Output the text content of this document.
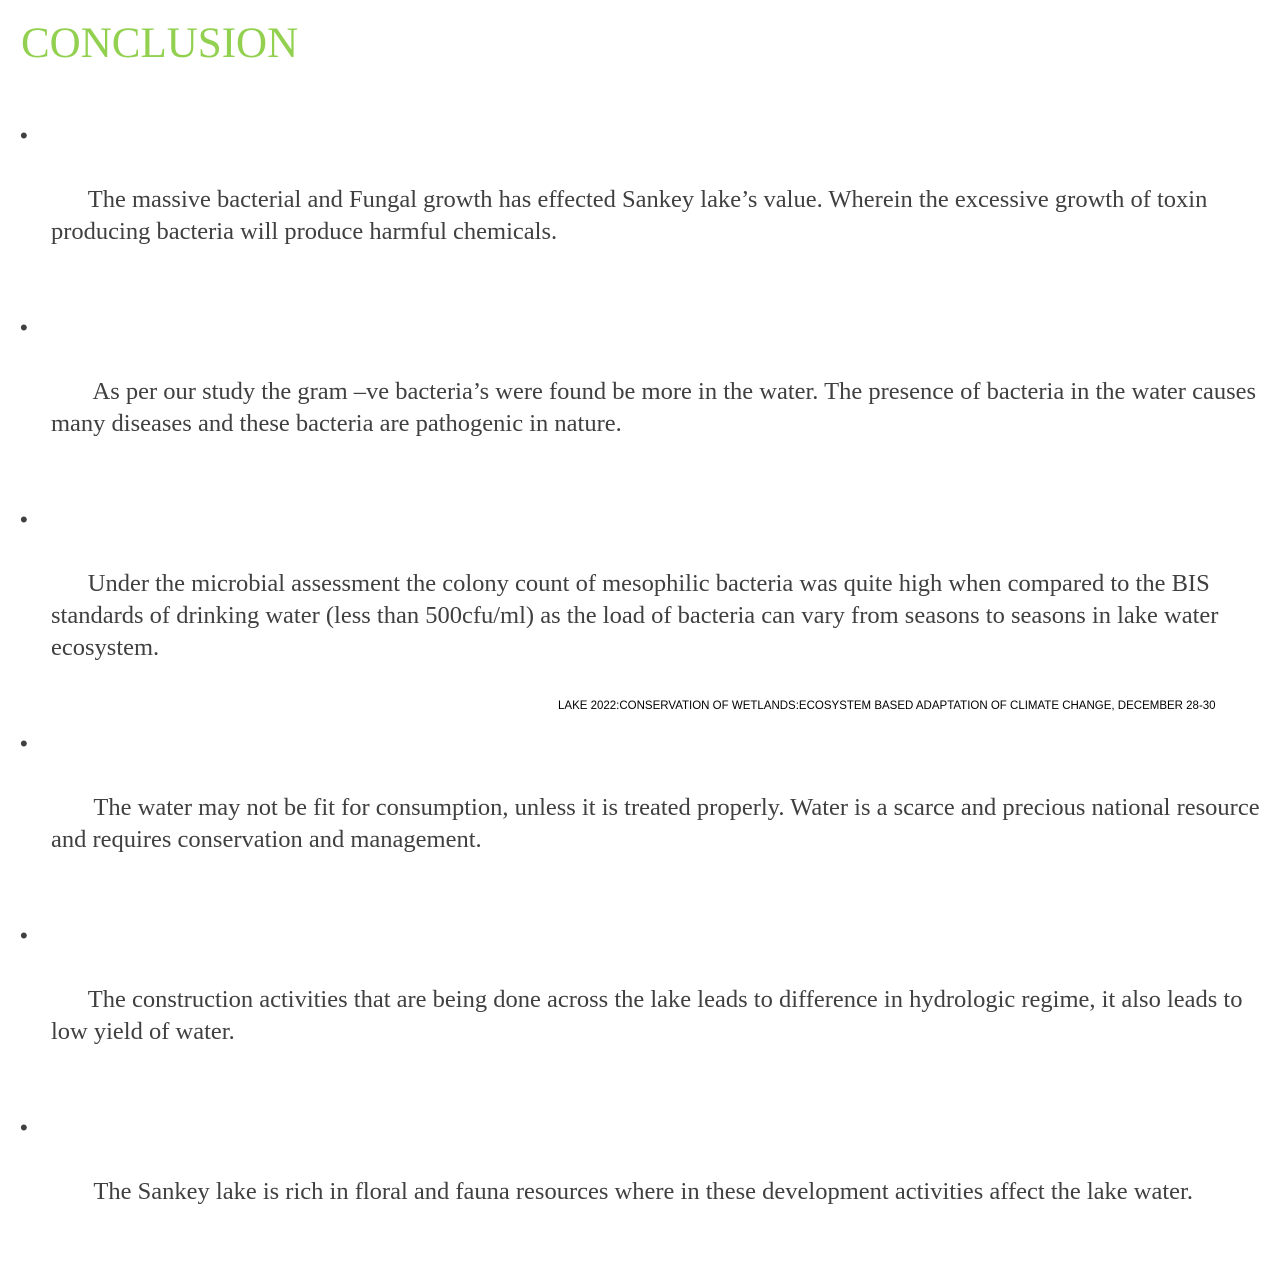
CONCLUSION

•

The massive bacterial and Fungal growth has effected Sankey lake’s value. Wherein the excessive growth of toxin producing bacteria will produce harmful chemicals.

•

As per our study the gram –ve bacteria’s were found be more in the water. The presence of bacteria in the water causes many diseases and these bacteria are pathogenic in nature.

•

Under the microbial assessment the colony count of mesophilic bacteria was quite high when compared to the BIS standards of drinking water (less than 500cfu/ml) as the load of bacteria can vary from seasons to seasons in lake water ecosystem.

•

The water may not be fit for consumption, unless it is treated properly. Water is a scarce and precious national resource and requires conservation and management.

•

The construction activities that are being done across the lake leads to difference in hydrologic regime, it also leads to low yield of water.

•

The Sankey lake is rich in floral and fauna resources where in these development activities affect the lake water.

LAKE 2022:CONSERVATION OF WETLANDS:ECOSYSTEM BASED ADAPTATION OF CLIMATE CHANGE, DECEMBER 28-30
